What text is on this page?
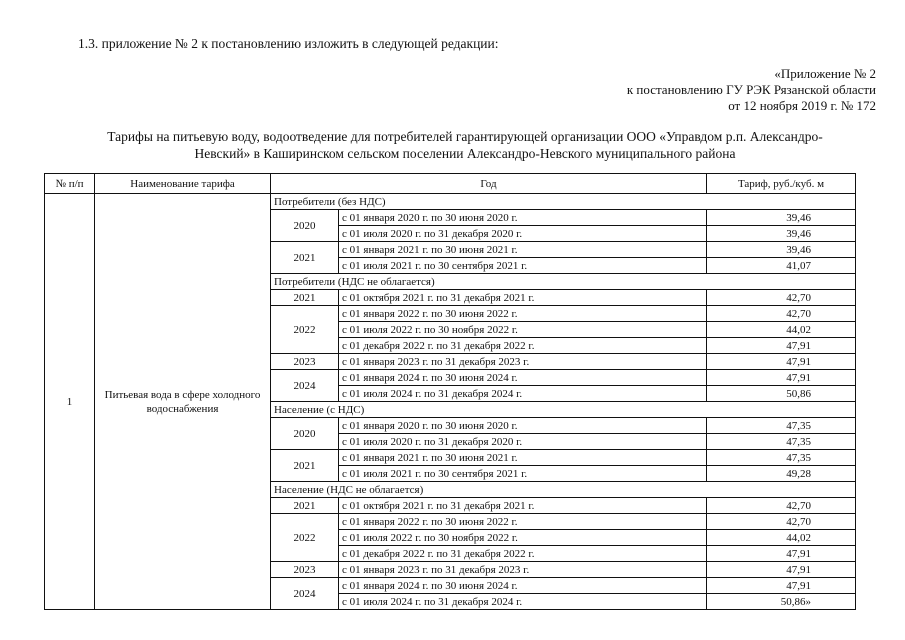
1.3. приложение № 2 к постановлению изложить в следующей редакции:
«Приложение № 2
к постановлению ГУ РЭК Рязанской области
от 12 ноября 2019 г. № 172
Тарифы на питьевую воду, водоотведение для потребителей гарантирующей организации ООО «Управдом р.п. Александро-
Невский» в Каширинском сельском поселении Александро-Невского муниципального района
№ п/п	Наименование тарифа	Год		Тариф, руб./куб. м
1	Питьевая вода в сфере холодного водоснабжения	Потребители (без НДС)		
		2020	с 01 января 2020 г. по 30 июня 2020 г.	39,46
			с 01 июля 2020 г. по 31 декабря 2020 г.	39,46
		2021	с 01 января 2021 г. по 30 июня 2021 г.	39,46
			с 01 июля 2021 г. по 30 сентября 2021 г.	41,07
		Потребители (НДС не облагается)		
		2021	с 01 октября 2021 г. по 31 декабря 2021 г.	42,70
		2022	с 01 января 2022 г. по 30 июня 2022 г.	42,70
			с 01 июля 2022 г. по 30 ноября 2022 г.	44,02
			с 01 декабря 2022 г. по 31 декабря 2022 г.	47,91
		2023	с 01 января 2023 г. по 31 декабря 2023 г.	47,91
		2024	с 01 января 2024 г. по 30 июня 2024 г.	47,91
			с 01 июля 2024 г. по 31 декабря 2024 г.	50,86
		Население (с НДС)		
		2020	с 01 января 2020 г. по 30 июня 2020 г.	47,35
			с 01 июля 2020 г. по 31 декабря 2020 г.	47,35
		2021	с 01 января 2021 г. по 30 июня 2021 г.	47,35
			с 01 июля 2021 г. по 30 сентября 2021 г.	49,28
		Население (НДС не облагается)		
		2021	с 01 октября 2021 г. по 31 декабря 2021 г.	42,70
		2022	с 01 января 2022 г. по 30 июня 2022 г.	42,70
			с 01 июля 2022 г. по 30 ноября 2022 г.	44,02
			с 01 декабря 2022 г. по 31 декабря 2022 г.	47,91
		2023	с 01 января 2023 г. по 31 декабря 2023 г.	47,91
		2024	с 01 января 2024 г. по 30 июня 2024 г.	47,91
			с 01 июля 2024 г. по 31 декабря 2024 г.	50,86»
